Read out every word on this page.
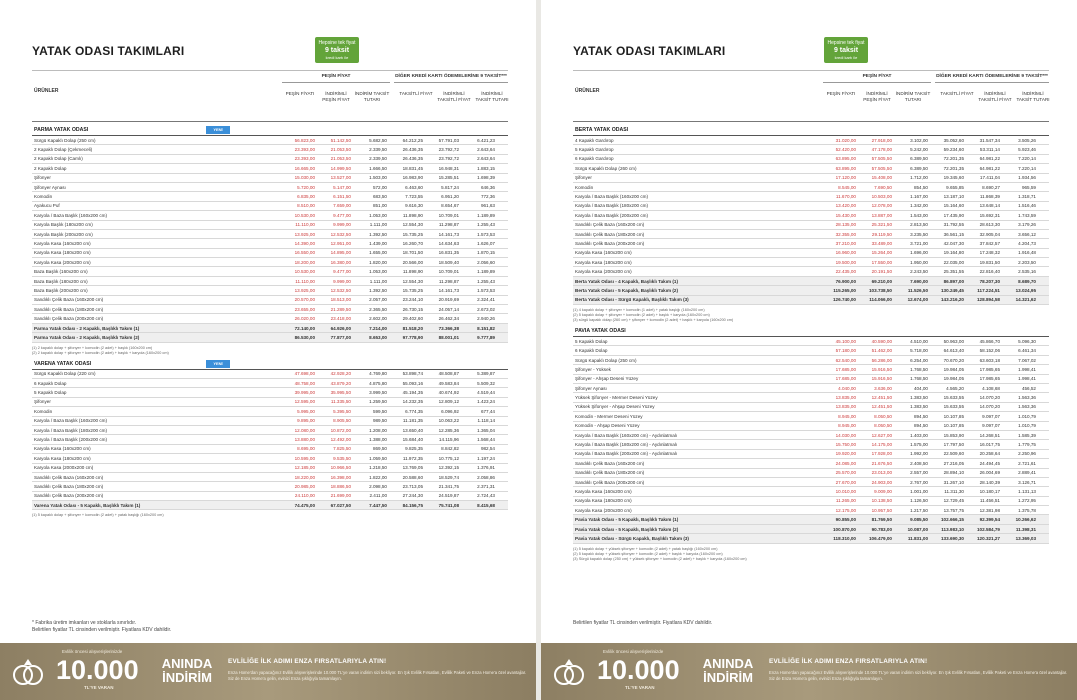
YATAK ODASI TAKIMLARI
Hepsine tek fiyat
9 taksit
kredi kartı ile
ÜRÜNLER
PEŞİN FİYAT	DİĞER KREDİ KARTI ÖDEMELERİNE 9 TAKSİT***
PEŞİN FİYATI	İNDİRİMLİ PEŞİN FİYAT
İNDİRİM TAKSİT TUTARI
TAKSİTLİ FİYAT	İNDİRİMLİ TAKSİTLİ FİYAT
İNDİRİMLİ TAKSİT TUTARI
PARMA YATAK ODASI	YENİ
Sürgü Kapaklı Dolap (250 cm)	56.823,00	51.142,50	5.682,50	64.212,25	57.791,03	6.421,23
2 Kapaklı Dolap (Çekmeceli)	23.393,00	21.053,50	2.339,50	26.436,35	23.792,72	2.643,64
2 Kapaklı Dolap (Camlı)	23.393,00	21.053,50	2.339,50	26.436,35	23.792,72	2.643,64
2 Kapaklı Dolap	16.665,00	14.999,50	1.666,50	18.831,45	16.948,31	1.883,15
Şifonyer	15.030,00	13.527,00	1.503,00	16.983,90	15.285,51	1.698,39
Şifonyer Aynası	5.720,00	5.147,00	572,00	6.463,60	5.817,24	646,36
Komodin	6.835,00	6.151,50	683,50	7.723,55	6.951,20	772,36
Ayakucu Puf	8.510,00	7.659,00	851,00	9.616,30	8.654,67	961,63
Karyola / Baza Başlık (160x200 cm)	10.530,00	9.477,00	1.053,00	11.898,90	10.709,01	1.189,89
Karyola Başlık (180x200 cm)	11.110,00	9.999,00	1.111,00	12.554,30	11.298,87	1.255,43
Karyola Başlık (200x200 cm)	13.925,00	12.532,50	1.392,50	15.735,25	14.161,73	1.573,53
Karyola Kasa (160x200 cm)	14.390,00	12.951,00	1.439,00	16.260,70	14.634,63	1.626,07
Karyola Kasa (180x200 cm)	16.550,00	14.895,00	1.655,00	18.701,50	16.831,35	1.870,15
Karyola Kasa (200x200 cm)	18.200,00	16.380,00	1.820,00	20.566,00	18.509,40	2.056,60
Baza Başlık (160x200 cm)	10.530,00	9.477,00	1.053,00	11.898,90	10.709,01	1.189,89
Baza Başlık (180x200 cm)	11.110,00	9.999,00	1.111,00	12.554,30	11.298,87	1.255,43
Baza Başlık (200x200 cm)	13.925,00	12.532,50	1.392,50	15.735,25	14.161,73	1.573,53
Sandıklı Çelik Baza (160x200 cm)	20.570,00	18.513,00	2.057,00	23.244,10	20.919,69	2.324,41
Sandıklı Çelik Baza (180x200 cm)	23.655,00	21.289,50	2.365,50	26.730,15	24.057,14	2.673,02
Sandıklı Çelik Baza (200x200 cm)	26.020,00	23.418,00	2.602,00	29.402,60	26.462,34	2.940,26
Parma Yatak Odası - 2 Kapaklı, Başlıklı Takım (1)	72.140,00	64.926,00	7.214,00	81.518,20	73.366,38	8.151,82
Parma Yatak Odası - 2 Kapaklı, Başlıklı Takım (2)	86.530,00	77.877,00	8.653,00	97.778,90	88.001,01	9.777,89
(1) 2 kapaklı dolap + şifonyer + komodin (2 adet) + başlık (160x200 cm)
(2) 2 kapaklı dolap + şifonyer + komodin (2 adet) + başlık + karyola (160x200 cm)
VARENA YATAK ODASI	YENİ
Sürgü Kapaklı Dolap (220 cm)	47.698,00	42.928,20	4.769,80	53.898,74	48.508,87	5.389,87
6 Kapaklı Dolap	48.758,00	43.879,20	4.875,80	55.093,16	49.583,84	5.509,32
5 Kapaklı Dolap	39.995,00	35.995,50	3.999,50	45.194,35	40.674,92	4.519,44
Şifonyer	12.595,00	11.335,50	1.259,50	14.232,35	12.809,12	1.423,24
Komodin	5.995,00	5.395,50	599,50	6.774,35	6.096,92	677,44
Karyola / Baza Başlık (160x200 cm)	9.895,00	8.905,50	989,50	11.181,35	10.063,22	1.118,14
Karyola / Baza Başlık (180x200 cm)	12.080,00	10.872,00	1.208,00	13.650,40	12.285,36	1.365,04
Karyola / Baza Başlık (200x200 cm)	13.880,00	12.492,00	1.388,00	15.684,40	14.115,96	1.568,44
Karyola Kasa (160x200 cm)	8.695,00	7.825,50	869,50	9.825,35	8.842,82	982,54
Karyola Kasa (180x200 cm)	10.595,00	9.535,50	1.059,50	11.972,35	10.775,12	1.197,24
Karyola Kasa (2000x200 cm)	12.185,00	10.966,50	1.218,50	13.769,05	12.392,15	1.376,91
Sandıklı Çelik Baza (160x200 cm)	18.220,00	16.398,00	1.822,00	20.588,60	18.529,74	2.058,86
Sandıklı Çelik Baza (180x200 cm)	20.985,00	18.886,50	2.098,50	23.713,05	21.341,75	2.371,31
Sandıklı Çelik Baza (200x200 cm)	24.110,00	21.699,00	2.411,00	27.244,30	24.519,87	2.724,43
Varena Yatak Odası - 5 Kapaklı, Başlıklı Takım (1)	74.475,00	67.027,50	7.447,50	84.156,75	75.741,08	8.415,68
(1) 5 kapaklı dolap + şifonyer + komodin (2 adet) + yatak başlığı (160x200 cm)
* Fabrika üretim imkanları ve stoklarla sınırlıdır.
Belirtilen fiyatlar TL cinsinden verilmiştir. Fiyatlara KDV dahildir.
Evlilik öncesi alışverişlerinizde
10.000
TL'YE VARAN
ANINDA
İNDİRİM
EVLİLİĞE İLK ADIMI ENZA FIRSATLARIYLA ATIN!
Enza Home'dan yapacağınız Evlilik alışverişlerinde 10.000 TL'ye varan indirim sizi bekliyor. En Şık Evlilik Fırsatları, Evlilik Paketi ve Enza Home'a özel avantajlar. Siz de Enza Home'a gelin, evinizi Enza şıklığıyla tamamlayın.
YATAK ODASI TAKIMLARI
Hepsine tek fiyat
9 taksit
kredi kartı ile
ÜRÜNLER
PEŞİN FİYAT	DİĞER KREDİ KARTI ÖDEMELERİNE 9 TAKSİT***
PEŞİN FİYATI	İNDİRİMLİ PEŞİN FİYAT
İNDİRİM TAKSİT TUTARI
TAKSİTLİ FİYAT	İNDİRİMLİ TAKSİTLİ FİYAT
İNDİRİMLİ TAKSİT TUTARI
BERTA YATAK ODASI
4 Kapaklı Gardırop	31.020,00	27.918,00	3.102,00	35.052,60	31.547,34	3.505,26
5 Kapaklı Gardırop	52.420,00	47.178,00	5.242,00	59.234,60	53.311,14	5.923,46
6 Kapaklı Gardırop	63.895,00	57.505,50	6.389,50	72.201,35	64.981,22	7.220,14
Sürgü Kapaklı Dolap (260 cm)	63.895,00	57.505,50	6.389,50	72.201,35	64.981,22	7.220,14
Şifonyer	17.120,00	15.408,00	1.712,00	19.345,60	17.411,04	1.934,56
Komodin	8.545,00	7.690,50	854,50	9.655,85	8.690,27	965,59
Karyola / Baza Başlık (160x200 cm)	11.670,00	10.503,00	1.167,00	13.187,10	11.868,39	1.318,71
Karyola / Baza Başlık (180x200 cm)	13.420,00	12.078,00	1.342,00	15.164,60	13.648,14	1.516,46
Karyola / Baza Başlık (200x200 cm)	15.430,00	13.887,00	1.543,00	17.435,90	15.692,31	1.743,59
Sandıklı Çelik Baza (160x200 cm)	28.135,00	25.321,50	2.813,50	31.792,55	28.613,30	3.179,26
Sandıklı Çelik Baza (180x200 cm)	32.355,00	29.119,50	3.235,50	36.561,15	32.905,04	3.656,12
Sandıklı Çelik Baza (200x200 cm)	37.210,00	33.489,00	3.721,00	42.047,30	37.842,57	4.204,73
Karyola Kasa (160x200 cm)	16.960,00	15.264,00	1.696,00	19.164,80	17.248,32	1.916,48
Karyola Kasa (180x200 cm)	19.500,00	17.550,00	1.950,00	22.035,00	19.831,50	2.203,50
Karyola Kasa (200x200 cm)	22.435,00	20.191,50	2.243,50	25.351,55	22.816,40	2.535,16
Berta Yatak Odası - 4 Kapaklı, Başlıklı Takım (1)	76.900,00	69.210,00	7.690,00	86.897,00	78.207,30	8.689,70
Berta Yatak Odası - 5 Kapaklı, Başlıklı Takım (2)	115.265,00	103.738,50	11.526,50	130.249,45	117.224,51	13.024,95
Berta Yatak Odası - Sürgü Kapaklı, Başlıklı Takım (3)	126.740,00	114.066,00	12.674,00	143.216,20	128.894,58	14.321,62
(1) 4 kapaklı dolap + şifonyer + komodin (1 adet) + yatak başlığı (160x200 cm)
(2) 5 kapaklı dolap + şifonyer + komodin (2 adet) + başlık + karyola (160x200 cm)
(3) sürgü kapaklı dolap (260 cm) + şifonyer + komodin (2 adet) + başlık + karyola (160x200 cm)
PAVIA YATAK ODASI
5 Kapaklı Dolap	45.100,00	40.590,00	4.510,00	50.963,00	45.866,70	5.096,30
6 Kapaklı Dolap	57.180,00	51.462,00	5.718,00	64.613,40	58.152,06	6.461,34
Sürgü Kapaklı Dolap (250 cm)	62.540,00	56.286,00	6.254,00	70.670,20	63.603,18	7.067,02
Şifonyer - Yüksek	17.685,00	15.916,50	1.768,50	19.984,05	17.985,65	1.998,41
Şifonyer - Ahşap Deseni Yüzey	17.685,00	15.916,50	1.768,50	19.984,05	17.985,65	1.998,41
Şifonyer Aynası	4.040,00	3.636,00	404,00	4.565,20	4.108,68	456,52
Yüksek Şifonyer - Mermer Deseni Yüzey	13.835,00	12.451,50	1.383,50	15.633,55	14.070,20	1.563,36
Yüksek Şifonyer - Ahşap Deseni Yüzey	13.835,00	12.451,50	1.383,50	15.633,55	14.070,20	1.563,36
Komodin - Mermer Deseni Yüzey	8.945,00	8.050,50	894,50	10.107,85	9.097,07	1.010,79
Komodin - Ahşap Deseni Yüzey	8.945,00	8.050,50	894,50	10.107,85	9.097,07	1.010,79
Karyola / Baza Başlık (160x200 cm) - Aydınlatmalı	14.030,00	12.627,00	1.403,00	15.853,90	14.268,51	1.585,39
Karyola / Baza Başlık (180x200 cm) - Aydınlatmalı	15.750,00	14.175,00	1.575,00	17.797,50	16.017,75	1.779,75
Karyola / Baza Başlık (200x200 cm) - Aydınlatmalı	19.920,00	17.928,00	1.992,00	22.509,60	20.258,64	2.250,96
Sandıklı Çelik Baza (160x200 cm)	24.085,00	21.676,50	2.408,50	27.216,05	24.494,45	2.721,61
Sandıklı Çelik Baza (180x200 cm)	25.570,00	23.013,00	2.557,00	28.894,10	26.004,69	2.889,41
Sandıklı Çelik Baza (200x200 cm)	27.670,00	24.903,00	2.767,00	31.267,10	28.140,39	3.126,71
Karyola Kasa (160x200 cm)	10.010,00	9.009,00	1.001,00	11.311,30	10.180,17	1.131,13
Karyola Kasa (180x200 cm)	11.265,00	10.138,50	1.126,50	12.729,45	11.456,51	1.272,95
Karyola Kasa (200x200 cm)	12.175,00	10.957,50	1.217,50	13.757,75	12.381,98	1.375,78
Pavia Yatak Odası - 5 Kapaklı, Başlıklı Takım (1)	90.855,00	81.769,50	9.085,50	102.666,15	92.399,54	10.266,62
Pavia Yatak Odası - 5 Kapaklı, Başlıklı Takım (2)	100.870,00	90.783,00	10.087,00	113.983,10	102.584,79	11.398,31
Pavia Yatak Odası - Sürgü Kapaklı, Başlıklı Takım (3)	118.310,00	106.479,00	11.831,00	133.690,30	120.321,27	13.369,03
(1) 5 kapaklı dolap + yüksek şifonyer + komodin (2 adet) + yatak başlığı (160x200 cm)
(2) 5 kapaklı dolap + yüksek şifonyer + komodin (2 adet) + başlık + karyola (160x200 cm)
(3) Sürgü kapaklı dolap (250 cm) + yüksek şifonyer + komodin (2 adet) + başlık + karyola (160x200 cm)
Belirtilen fiyatlar TL cinsinden verilmiştir. Fiyatlara KDV dahildir.
Evlilik öncesi alışverişlerinizde
10.000
TL'YE VARAN
ANINDA
İNDİRİM
EVLİLİĞE İLK ADIMI ENZA FIRSATLARIYLA ATIN!
Enza Home'dan yapacağınız Evlilik alışverişlerinde 10.000 TL'ye varan indirim sizi bekliyor. En Şık Evlilik Fırsatları, Evlilik Paketi ve Enza Home'a özel avantajlar. Siz de Enza Home'a gelin, evinizi Enza şıklığıyla tamamlayın.
